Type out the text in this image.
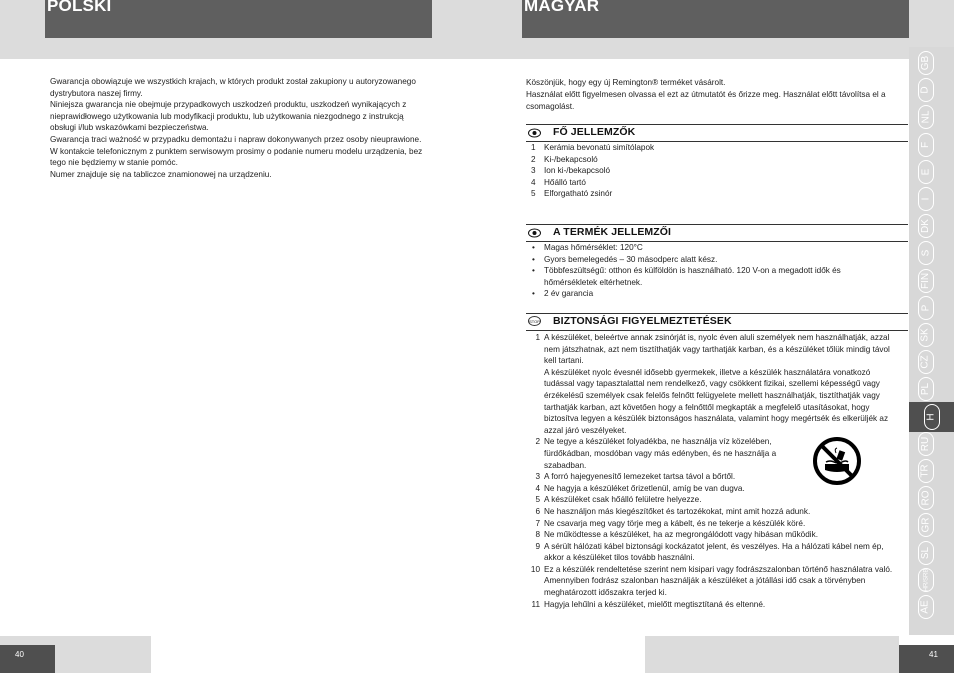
POLSKI	MAGYAR

Gwarancja obowiązuje we wszystkich krajach, w których produkt został zakupiony u autoryzowanego dystrybutora naszej firmy.

Niniejsza gwarancja nie obejmuje przypadkowych uszkodzeń produktu, uszkodzeń wynikających z nieprawidłowego użytkowania lub modyfikacji produktu, lub użytkowania niezgodnego z instrukcją obsługi i/lub wskazówkami bezpieczeństwa.

Gwarancja traci ważność w przypadku demontażu i napraw dokonywanych przez osoby nieuprawione.

W kontakcie telefonicznym z punktem serwisowym prosimy o podanie numeru modelu urządzenia, bez tego nie będziemy w stanie pomóc.

Numer znajduje się na tabliczce znamionowej na urządzeniu.

Köszönjük, hogy egy új Remington® terméket vásárolt.

Használat előtt figyelmesen olvassa el ezt az útmutatót és őrizze meg. Használat előtt távolítsa el a csomagolást.

FŐ JELLEMZŐK
1	Kerámia bevonatú simítólapok
2	Ki-/bekapcsoló
3	Ion ki-/bekapcsoló
4	Hőálló tartó
5	Elforgatható zsinór
A TERMÉK JELLEMZŐI
•	Magas hőmérséklet: 120°C
•	Gyors bemelegedés – 30 másodperc alatt kész.
•	Többfeszültségű: otthon és külföldön is használható. 120 V-on a megadott idők és hőmérsékletek eltérhetnek.
•	2 év garancia
STOP BIZTONSÁGI FIGYELMEZTETÉSEK
1 A készüléket, beleértve annak zsinórját is, nyolc éven aluli személyek nem használhatják, azzal nem játszhatnak, azt nem tisztíthatják vagy tarthatják karban, és a készüléket tőlük mindig távol kell tartani.
A készüléket nyolc évesnél idősebb gyermekek, illetve a készülék használatára vonatkozó tudással vagy tapasztalattal nem rendelkező, vagy csökkent fizikai, szellemi képességű vagy érzékelésű személyek csak felelős felnőtt felügyelete mellett használhatják, tisztíthatják vagy tarthatják karban, azt követően hogy a felnőttől megkapták a megfelelő utasításokat, hogy biztosítva legyen a készülék biztonságos használata, valamint hogy megértsék és elkerüljék az azzal járó veszélyeket.
2 Ne tegye a készüléket folyadékba, ne használja víz közelében, fürdőkádban, mosdóban vagy más edényben, és ne használja a szabadban.
3 A forró hajegyenesítő lemezeket tartsa távol a bőrtől.
4 Ne hagyja a készüléket őrizetlenül, amíg be van dugva.
5 A készüléket csak hőálló felületre helyezze.
6 Ne használjon más kiegészítőket és tartozékokat, mint amit hozzá adunk.
7 Ne csavarja meg vagy törje meg a kábelt, és ne tekerje a készülék köré.
8 Ne működtesse a készüléket, ha az megrongálódott vagy hibásan működik.
9 A sérült hálózati kábel biztonsági kockázatot jelent, és veszélyes. Ha a hálózati kábel nem ép, akkor a készüléket tilos tovább használni.
10 Ez a készülék rendeltetése szerint nem kisipari vagy fodrászszalonban történő használatra való. Amennyiben fodrász szalonban használják a készüléket a jótállási idő csak a törvényben meghatározott időszakra terjed ki.
11 Hagyja lehűlni a készüléket, mielőtt megtisztítaná és eltenné.
GB
D
NL
F
E
I
DK
S
FIN
P
SK
CZ
PL
H
RU
TR
RO
GR
SL
HR/SRB
AE
40	41
